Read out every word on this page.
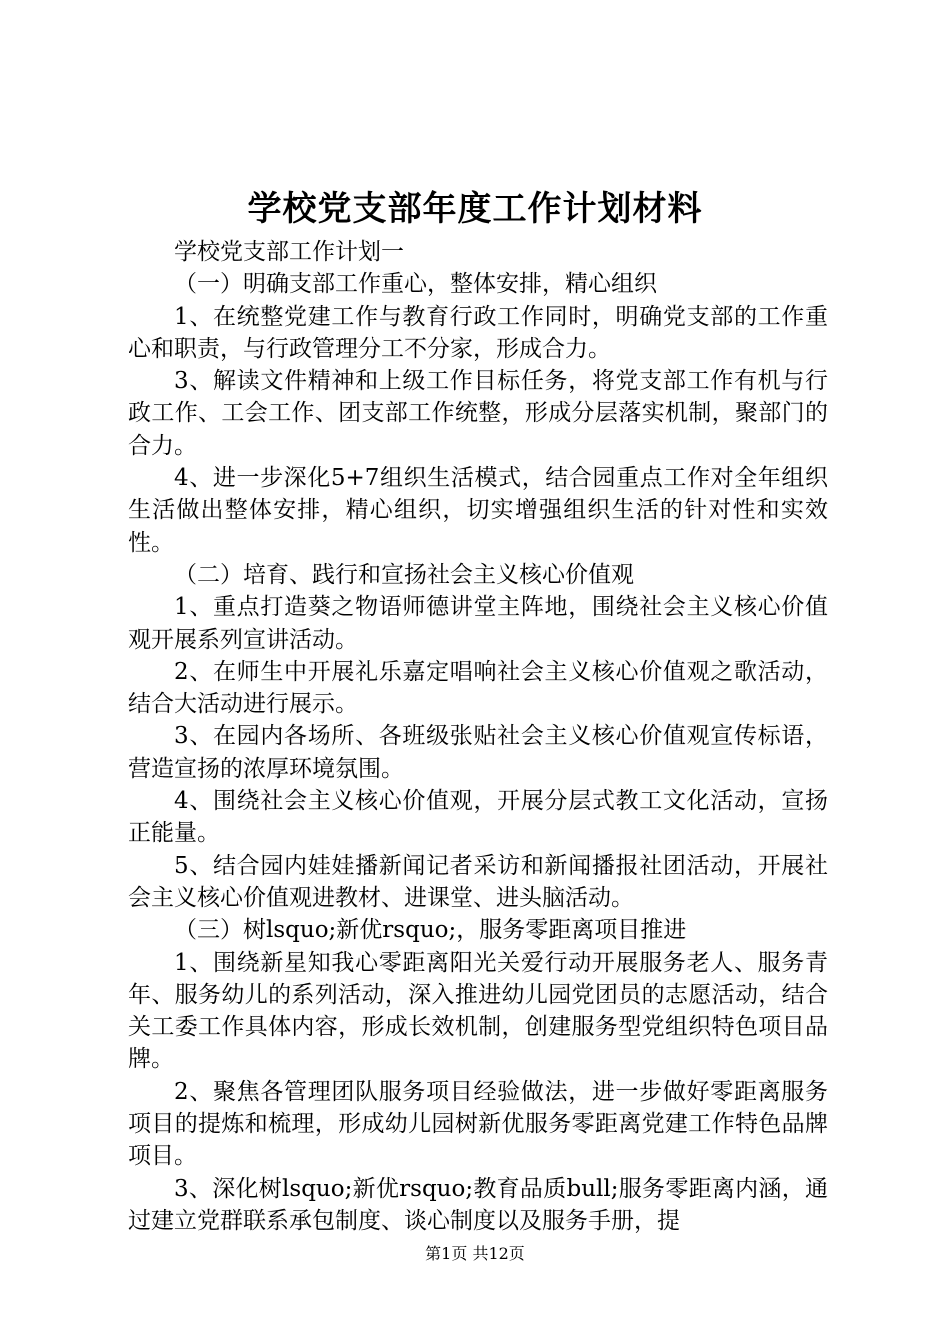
学校党支部年度工作计划材料

学校党支部工作计划一

（一）明确支部工作重心，整体安排，精心组织

1、在统整党建工作与教育行政工作同时，明确党支部的工作重心和职责，与行政管理分工不分家，形成合力。

3、解读文件精神和上级工作目标任务，将党支部工作有机与行政工作、工会工作、团支部工作统整，形成分层落实机制，聚部门的合力。

4、进一步深化5+7组织生活模式，结合园重点工作对全年组织生活做出整体安排，精心组织，切实增强组织生活的针对性和实效性。

（二）培育、践行和宣扬社会主义核心价值观

1、重点打造葵之物语师德讲堂主阵地，围绕社会主义核心价值观开展系列宣讲活动。

2、在师生中开展礼乐嘉定唱响社会主义核心价值观之歌活动，结合大活动进行展示。

3、在园内各场所、各班级张贴社会主义核心价值观宣传标语，营造宣扬的浓厚环境氛围。

4、围绕社会主义核心价值观，开展分层式教工文化活动，宣扬正能量。

5、结合园内娃娃播新闻记者采访和新闻播报社团活动，开展社会主义核心价值观进教材、进课堂、进头脑活动。

（三）树lsquo;新优rsquo;，服务零距离项目推进

1、围绕新星知我心零距离阳光关爱行动开展服务老人、服务青年、服务幼儿的系列活动，深入推进幼儿园党团员的志愿活动，结合关工委工作具体内容，形成长效机制，创建服务型党组织特色项目品牌。

2、聚焦各管理团队服务项目经验做法，进一步做好零距离服务项目的提炼和梳理，形成幼儿园树新优服务零距离党建工作特色品牌项目。

3、深化树lsquo;新优rsquo;教育品质bull;服务零距离内涵，通过建立党群联系承包制度、谈心制度以及服务手册，提

第1页 共12页
